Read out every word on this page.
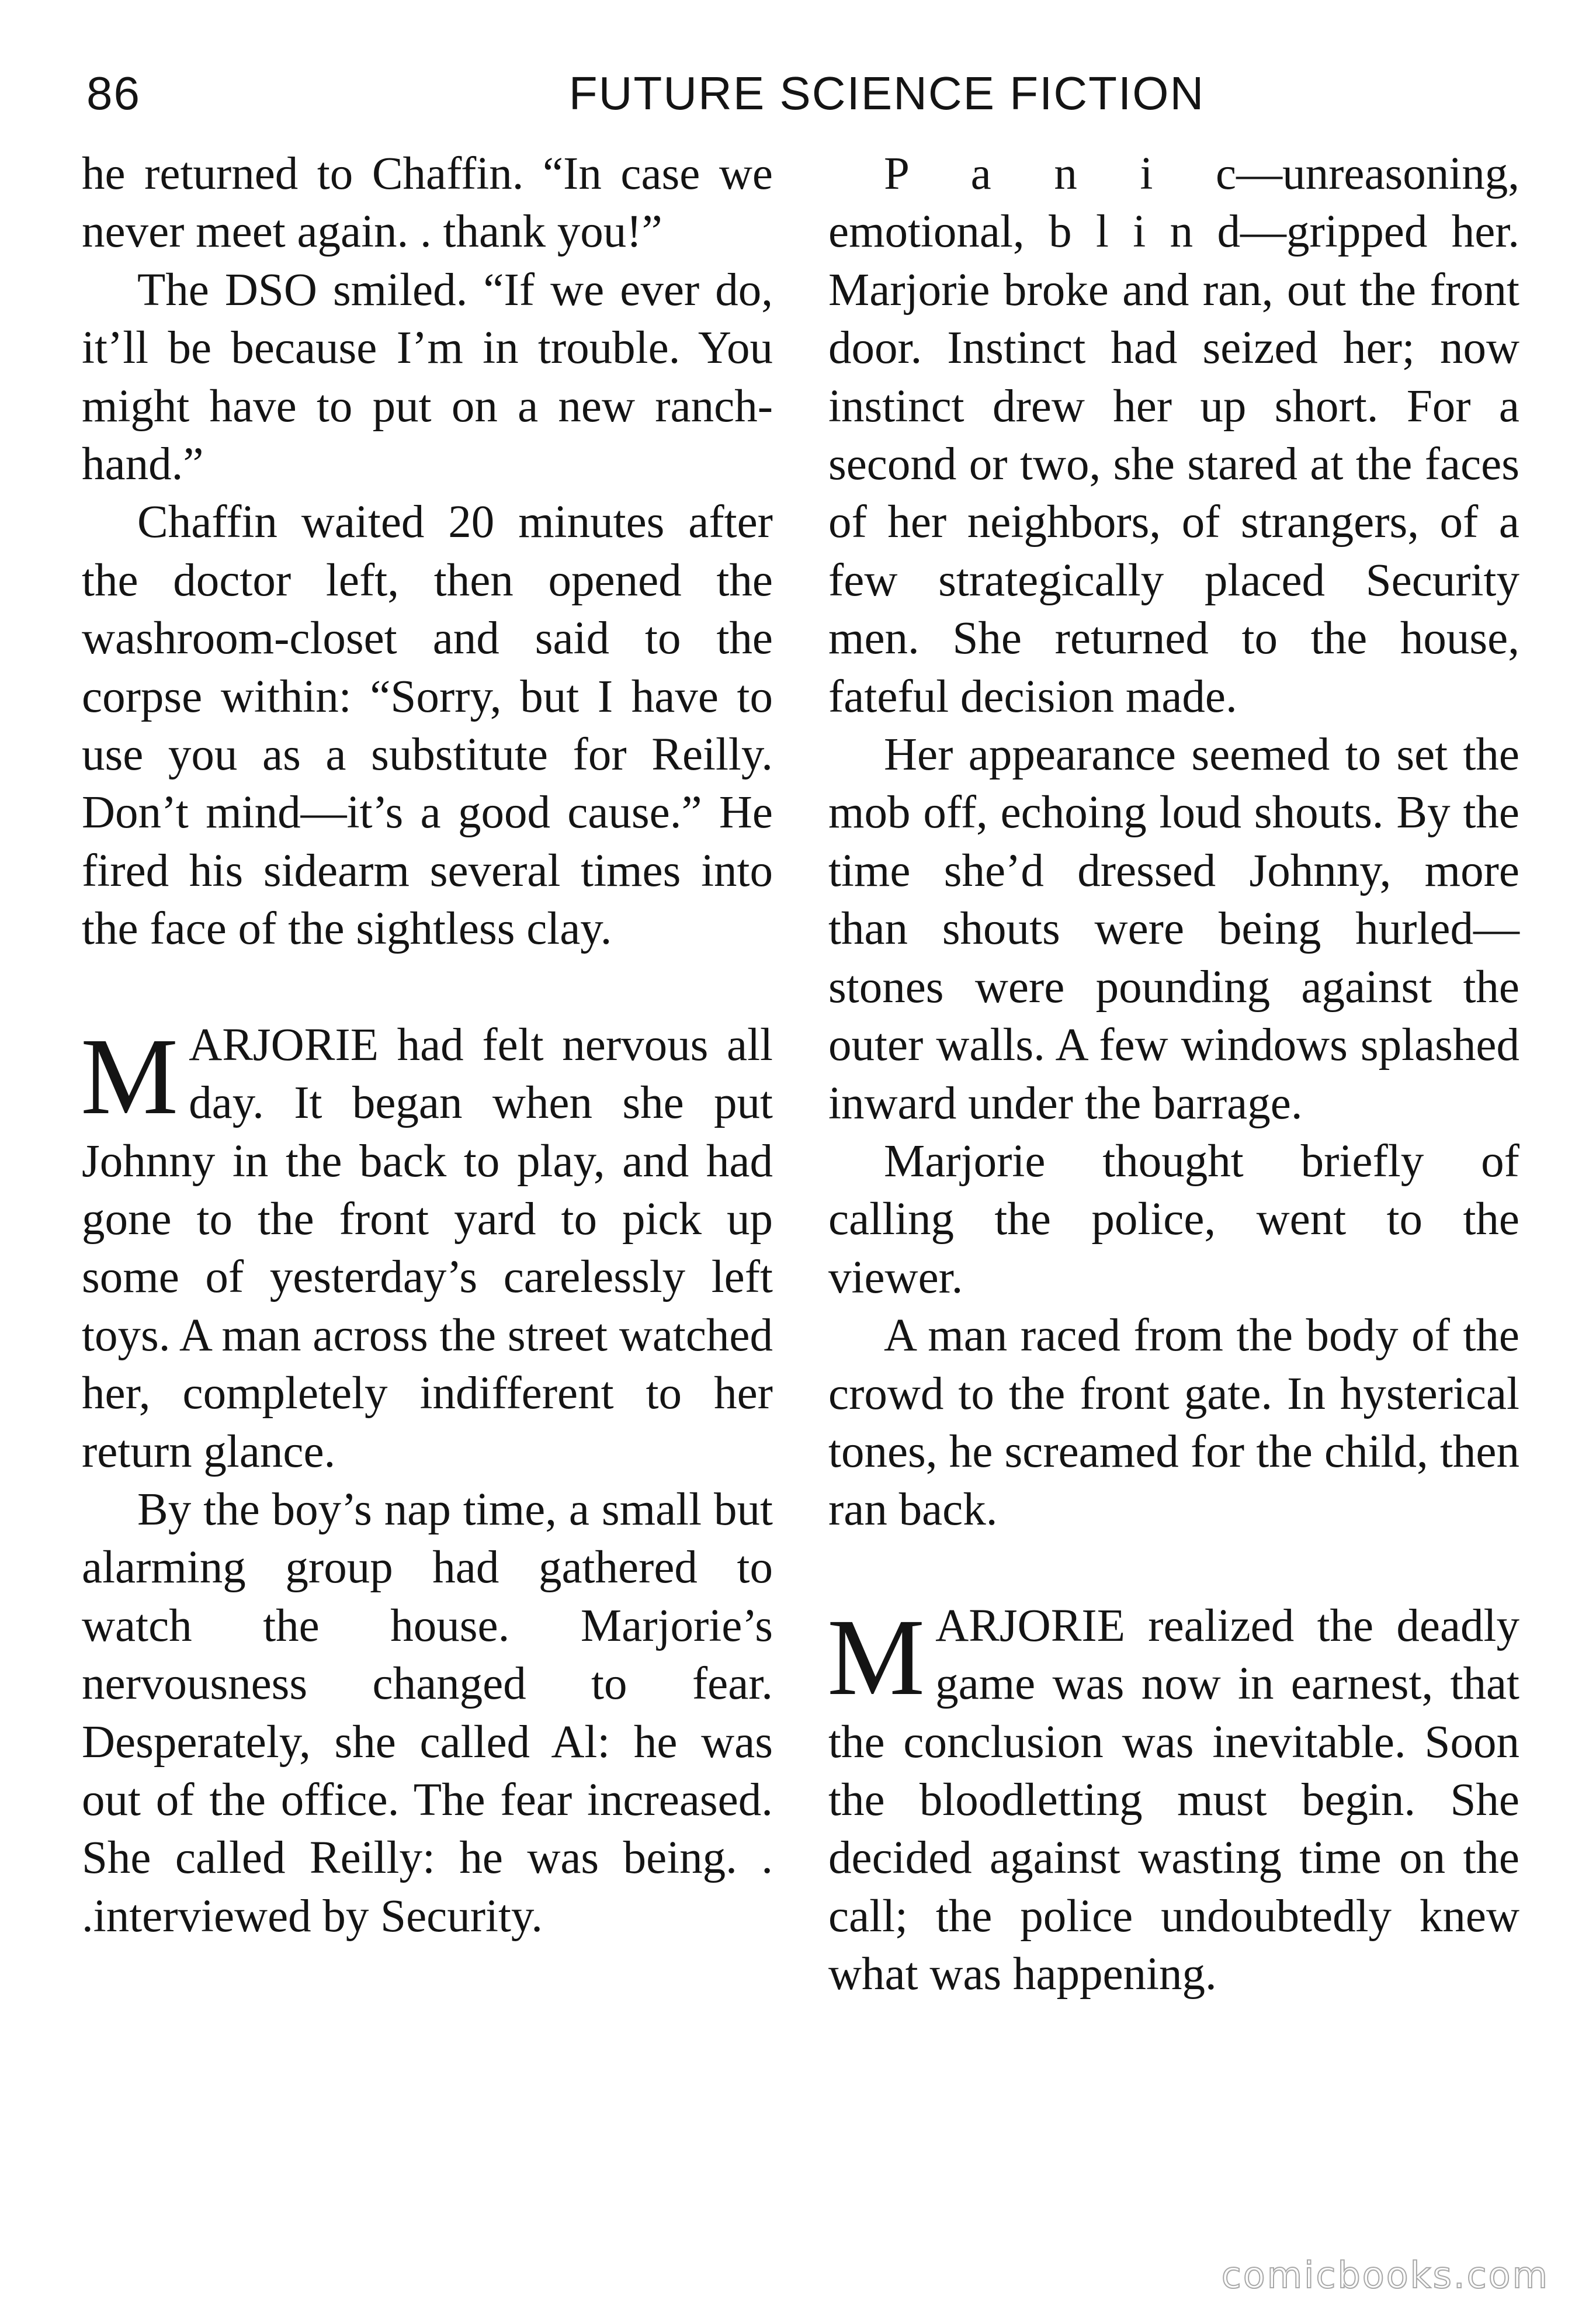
86	FUTURE SCIENCE FICTION

he returned to Chaffin. “In case we never meet again. . thank you!”

The DSO smiled. “If we ever do, it’ll be because I’m in trouble. You might have to put on a new ranch-hand.”

Chaffin waited 20 minutes after the doctor left, then opened the washroom-closet and said to the corpse within: “Sorry, but I have to use you as a substitute for Reilly. Don’t mind—it’s a good cause.” He fired his sidearm several times into the face of the sightless clay.

MARJORIE had felt nervous all day. It began when she put Johnny in the back to play, and had gone to the front yard to pick up some of yesterday’s carelessly left toys. A man across the street watched her, completely indifferent to her return glance.

By the boy’s nap time, a small but alarming group had gathered to watch the house. Marjorie’s nervousness changed to fear. Desperately, she called Al: he was out of the office. The fear increased. She called Reilly: he was being. . .interviewed by Security.

P a n i c—unreasoning, emotional, b l i n d—gripped her. Marjorie broke and ran, out the front door. Instinct had seized her; now instinct drew her up short. For a second or two, she stared at the faces of her neighbors, of strangers, of a few strategically placed Security men. She returned to the house, fateful decision made.

Her appearance seemed to set the mob off, echoing loud shouts. By the time she’d dressed Johnny, more than shouts were being hurled—stones were pounding against the outer walls. A few windows splashed inward under the barrage.

Marjorie thought briefly of calling the police, went to the viewer.

A man raced from the body of the crowd to the front gate. In hysterical tones, he screamed for the child, then ran back.

MARJORIE realized the deadly game was now in earnest, that the conclusion was inevitable. Soon the bloodletting must begin. She decided against wasting time on the call; the police undoubtedly knew what was happening.

comicbooks.com
